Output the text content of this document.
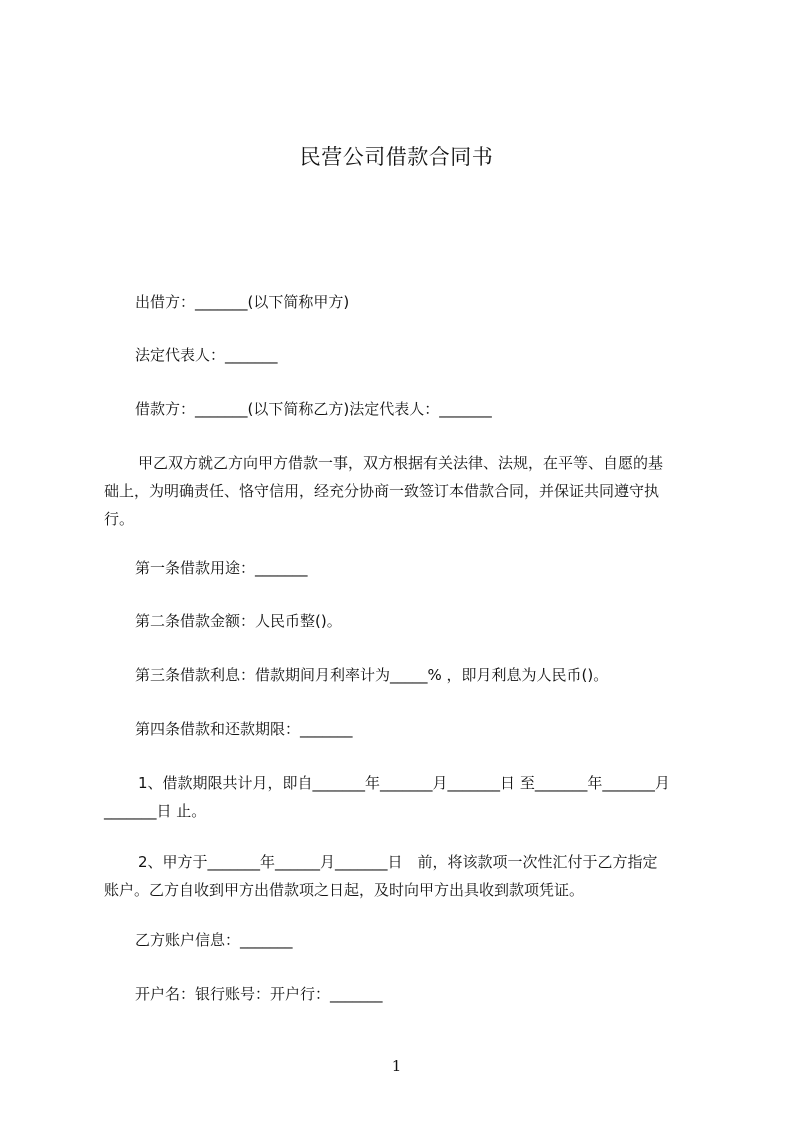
民营公司借款合同书
出借方：_______(以下简称甲方)
法定代表人：_______
借款方：_______(以下简称乙方)法定代表人：_______
甲乙双方就乙方向甲方借款一事，双方根据有关法律、法规，在平等、自愿的基
础上，为明确责任、恪守信用，经充分协商一致签订本借款合同，并保证共同遵守执
行。
第一条借款用途：_______
第二条借款金额：人民币整()。
第三条借款利息：借款期间月利率计为_____% ，即月利息为人民币()。
第四条借款和还款期限：_______
1、借款期限共计月，即自_______年_______月_______日 至_______年_______月
_______日 止。
2、甲方于_______年______月_______日　前，将该款项一次性汇付于乙方指定
账户。乙方自收到甲方出借款项之日起，及时向甲方出具收到款项凭证。
乙方账户信息：_______
开户名：银行账号：开户行：_______
1
